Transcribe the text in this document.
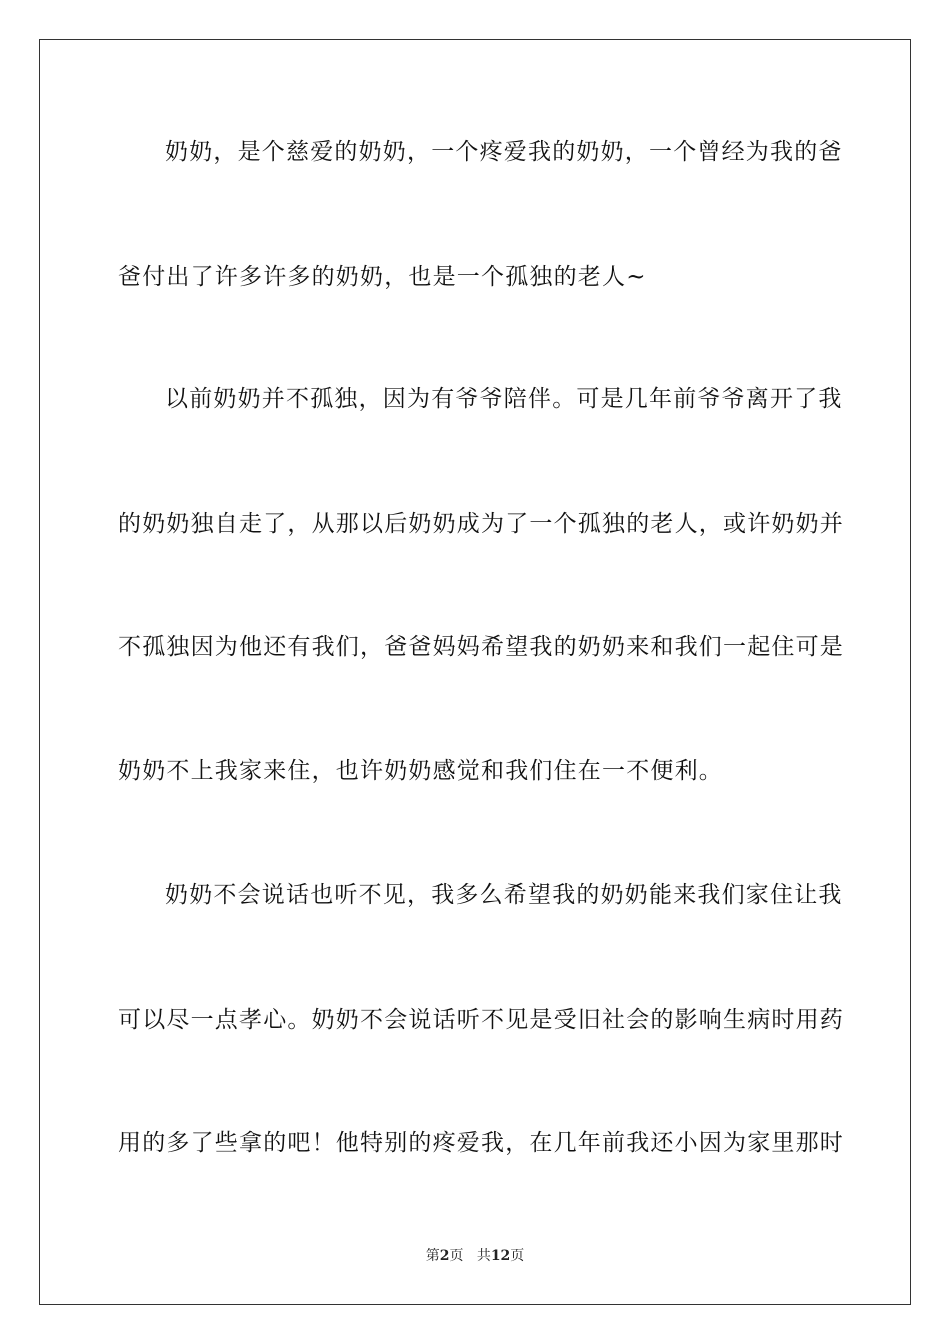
奶奶，是个慈爱的奶奶，一个疼爱我的奶奶，一个曾经为我的爸
爸付出了许多许多的奶奶，也是一个孤独的老人~
以前奶奶并不孤独，因为有爷爷陪伴。可是几年前爷爷离开了我
的奶奶独自走了，从那以后奶奶成为了一个孤独的老人，或许奶奶并
不孤独因为他还有我们，爸爸妈妈希望我的奶奶来和我们一起住可是
奶奶不上我家来住，也许奶奶感觉和我们住在一不便利。
奶奶不会说话也听不见，我多么希望我的奶奶能来我们家住让我
可以尽一点孝心。奶奶不会说话听不见是受旧社会的影响生病时用药
用的多了些拿的吧！他特别的疼爱我，在几年前我还小因为家里那时
第2页 共12页
